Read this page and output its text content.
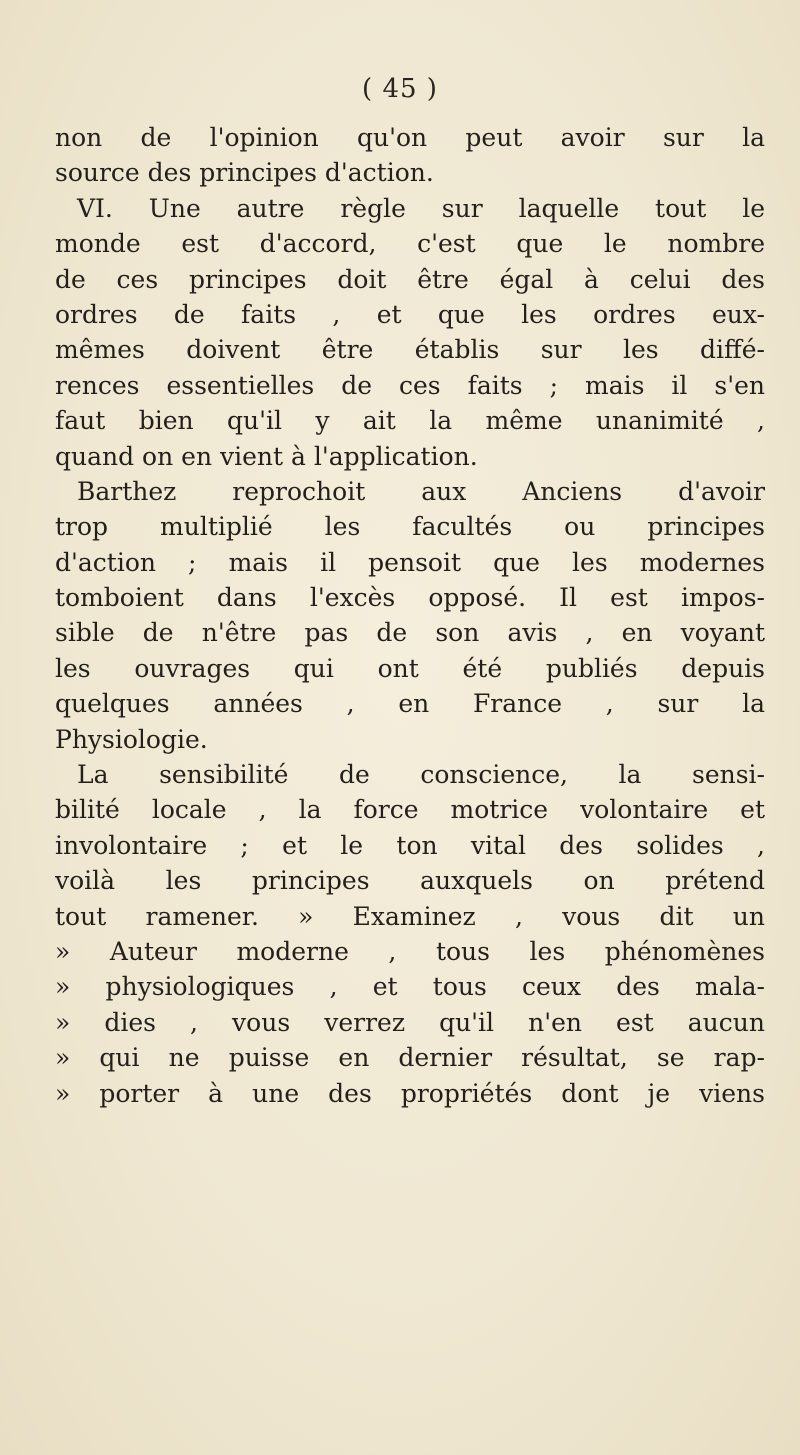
( 45 )
non de l'opinion qu'on peut avoir sur la
source des principes d'action.
VI. Une autre règle sur laquelle tout le
monde est d'accord, c'est que le nombre
de ces principes doit être égal à celui des
ordres de faits , et que les ordres eux-
mêmes doivent être établis sur les diffé-
rences essentielles de ces faits ; mais il s'en
faut bien qu'il y ait la même unanimité ,
quand on en vient à l'application.
Barthez reprochoit aux Anciens d'avoir
trop multiplié les facultés ou principes
d'action ; mais il pensoit que les modernes
tomboient dans l'excès opposé. Il est impos-
sible de n'être pas de son avis , en voyant
les ouvrages qui ont été publiés depuis
quelques années , en France , sur la
Physiologie.
La sensibilité de conscience, la sensi-
bilité locale , la force motrice volontaire et
involontaire ; et le ton vital des solides ,
voilà les principes auxquels on prétend
tout ramener. » Examinez , vous dit un
» Auteur moderne , tous les phénomènes
» physiologiques , et tous ceux des mala-
» dies , vous verrez qu'il n'en est aucun
» qui ne puisse en dernier résultat, se rap-
» porter à une des propriétés dont je viens
